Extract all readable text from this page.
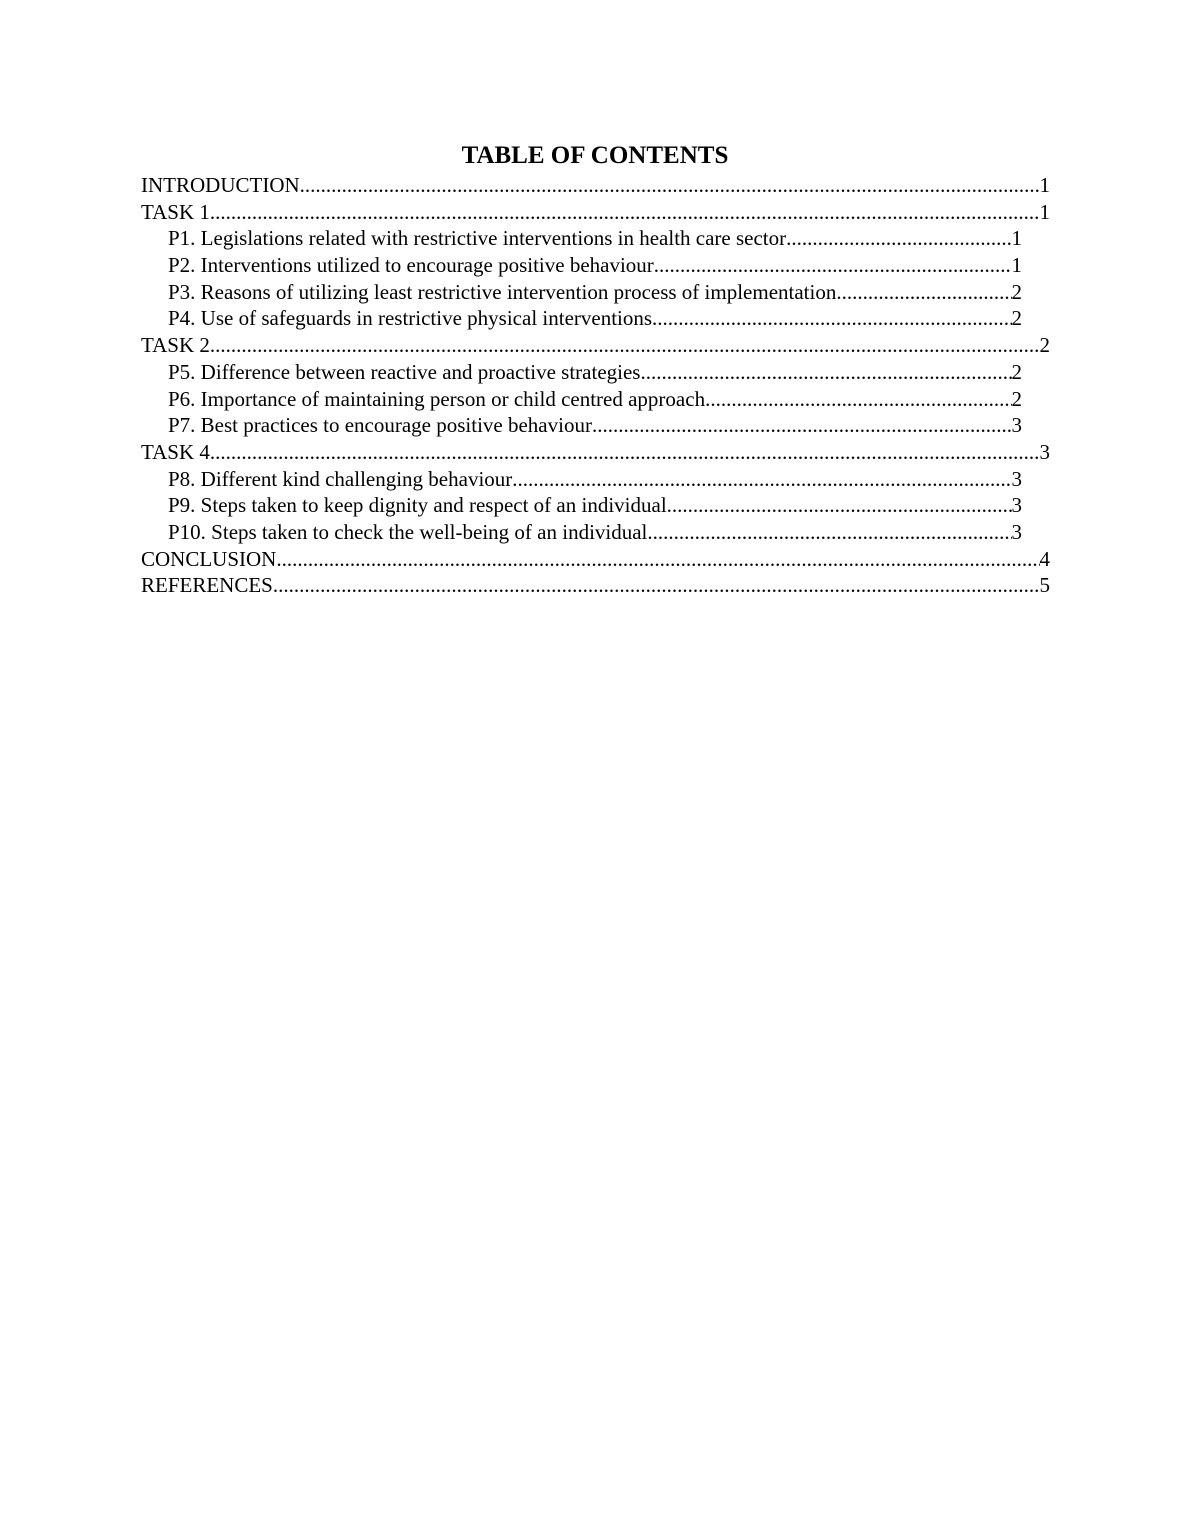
TABLE OF CONTENTS
INTRODUCTION .....	1
TASK 1 .....	1
P1. Legislations related with restrictive interventions in health care sector .....	1
P2. Interventions utilized to encourage positive behaviour .....	1
P3. Reasons of utilizing least restrictive intervention process of implementation .....	2
P4. Use of safeguards in restrictive physical interventions .....	2
TASK 2 .....	2
P5. Difference between reactive and proactive strategies .....	2
P6. Importance of maintaining person or child centred approach .....	2
P7. Best practices to encourage positive behaviour .....	3
TASK 4 .....	3
P8. Different kind challenging behaviour .....	3
P9. Steps taken to keep dignity and respect of an individual .....	3
P10. Steps taken to check the well-being of an individual .....	3
CONCLUSION .....	4
REFERENCES .....	5
